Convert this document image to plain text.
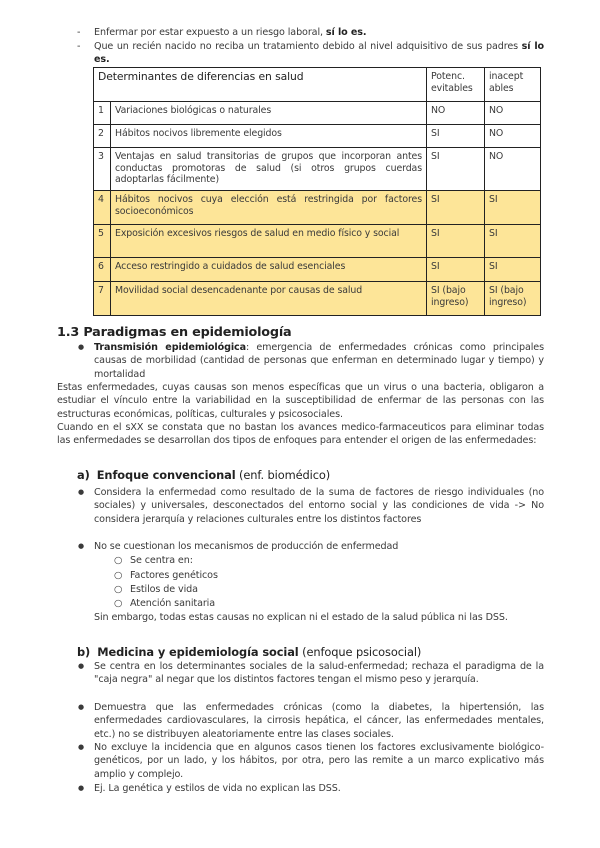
- Enfermar por estar expuesto a un riesgo laboral, sí lo es.
- Que un recién nacido no reciba un tratamiento debido al nivel adquisitivo de sus padres sí lo es.
Determinantes de diferencias en salud		Potenc. evitables	inacept ables
1	Variaciones biológicas o naturales	NO	NO
2	Hábitos nocivos libremente elegidos	SI	NO
3	Ventajas en salud transitorias de grupos que incorporan antes conductas promotoras de salud (si otros grupos cuerdas adoptarlas fácilmente)	SI	NO
4	Hábitos nocivos cuya elección está restringida por factores socioeconómicos	SI	SI
5	Exposición excesivos riesgos de salud en medio físico y social	SI	SI
6	Acceso restringido a cuidados de salud esenciales	SI	SI
7	Movilidad social desencadenante por causas de salud	SI (bajo ingreso)	SI (bajo ingreso)
1.3 Paradigmas en epidemiología
● Transmisión epidemiológica: emergencia de enfermedades crónicas como principales causas de morbilidad (cantidad de personas que enferman en determinado lugar y tiempo) y mortalidad
Estas enfermedades, cuyas causas son menos específicas que un virus o una bacteria, obligaron a estudiar el vínculo entre la variabilidad en la susceptibilidad de enfermar de las personas con las estructuras económicas, políticas, culturales y psicosociales.
Cuando en el sXX se constata que no bastan los avances medico-farmaceuticos para eliminar todas las enfermedades se desarrollan dos tipos de enfoques para entender el origen de las enfermedades:
a) Enfoque convencional (enf. biomédico)
● Considera la enfermedad como resultado de la suma de factores de riesgo individuales (no sociales) y universales, desconectados del entorno social y las condiciones de vida -> No considera jerarquía y relaciones culturales entre los distintos factores
● No se cuestionan los mecanismos de producción de enfermedad
○ Se centra en:
○ Factores genéticos
○ Estilos de vida
○ Atención sanitaria
Sin embargo, todas estas causas no explican ni el estado de la salud pública ni las DSS.
b) Medicina y epidemiología social (enfoque psicosocial)
● Se centra en los determinantes sociales de la salud-enfermedad; rechaza el paradigma de la "caja negra" al negar que los distintos factores tengan el mismo peso y jerarquía.
● Demuestra que las enfermedades crónicas (como la diabetes, la hipertensión, las enfermedades cardiovasculares, la cirrosis hepática, el cáncer, las enfermedades mentales, etc.) no se distribuyen aleatoriamente entre las clases sociales.
● No excluye la incidencia que en algunos casos tienen los factores exclusivamente biológico-genéticos, por un lado, y los hábitos, por otra, pero las remite a un marco explicativo más amplio y complejo.
● Ej. La genética y estilos de vida no explican las DSS.
